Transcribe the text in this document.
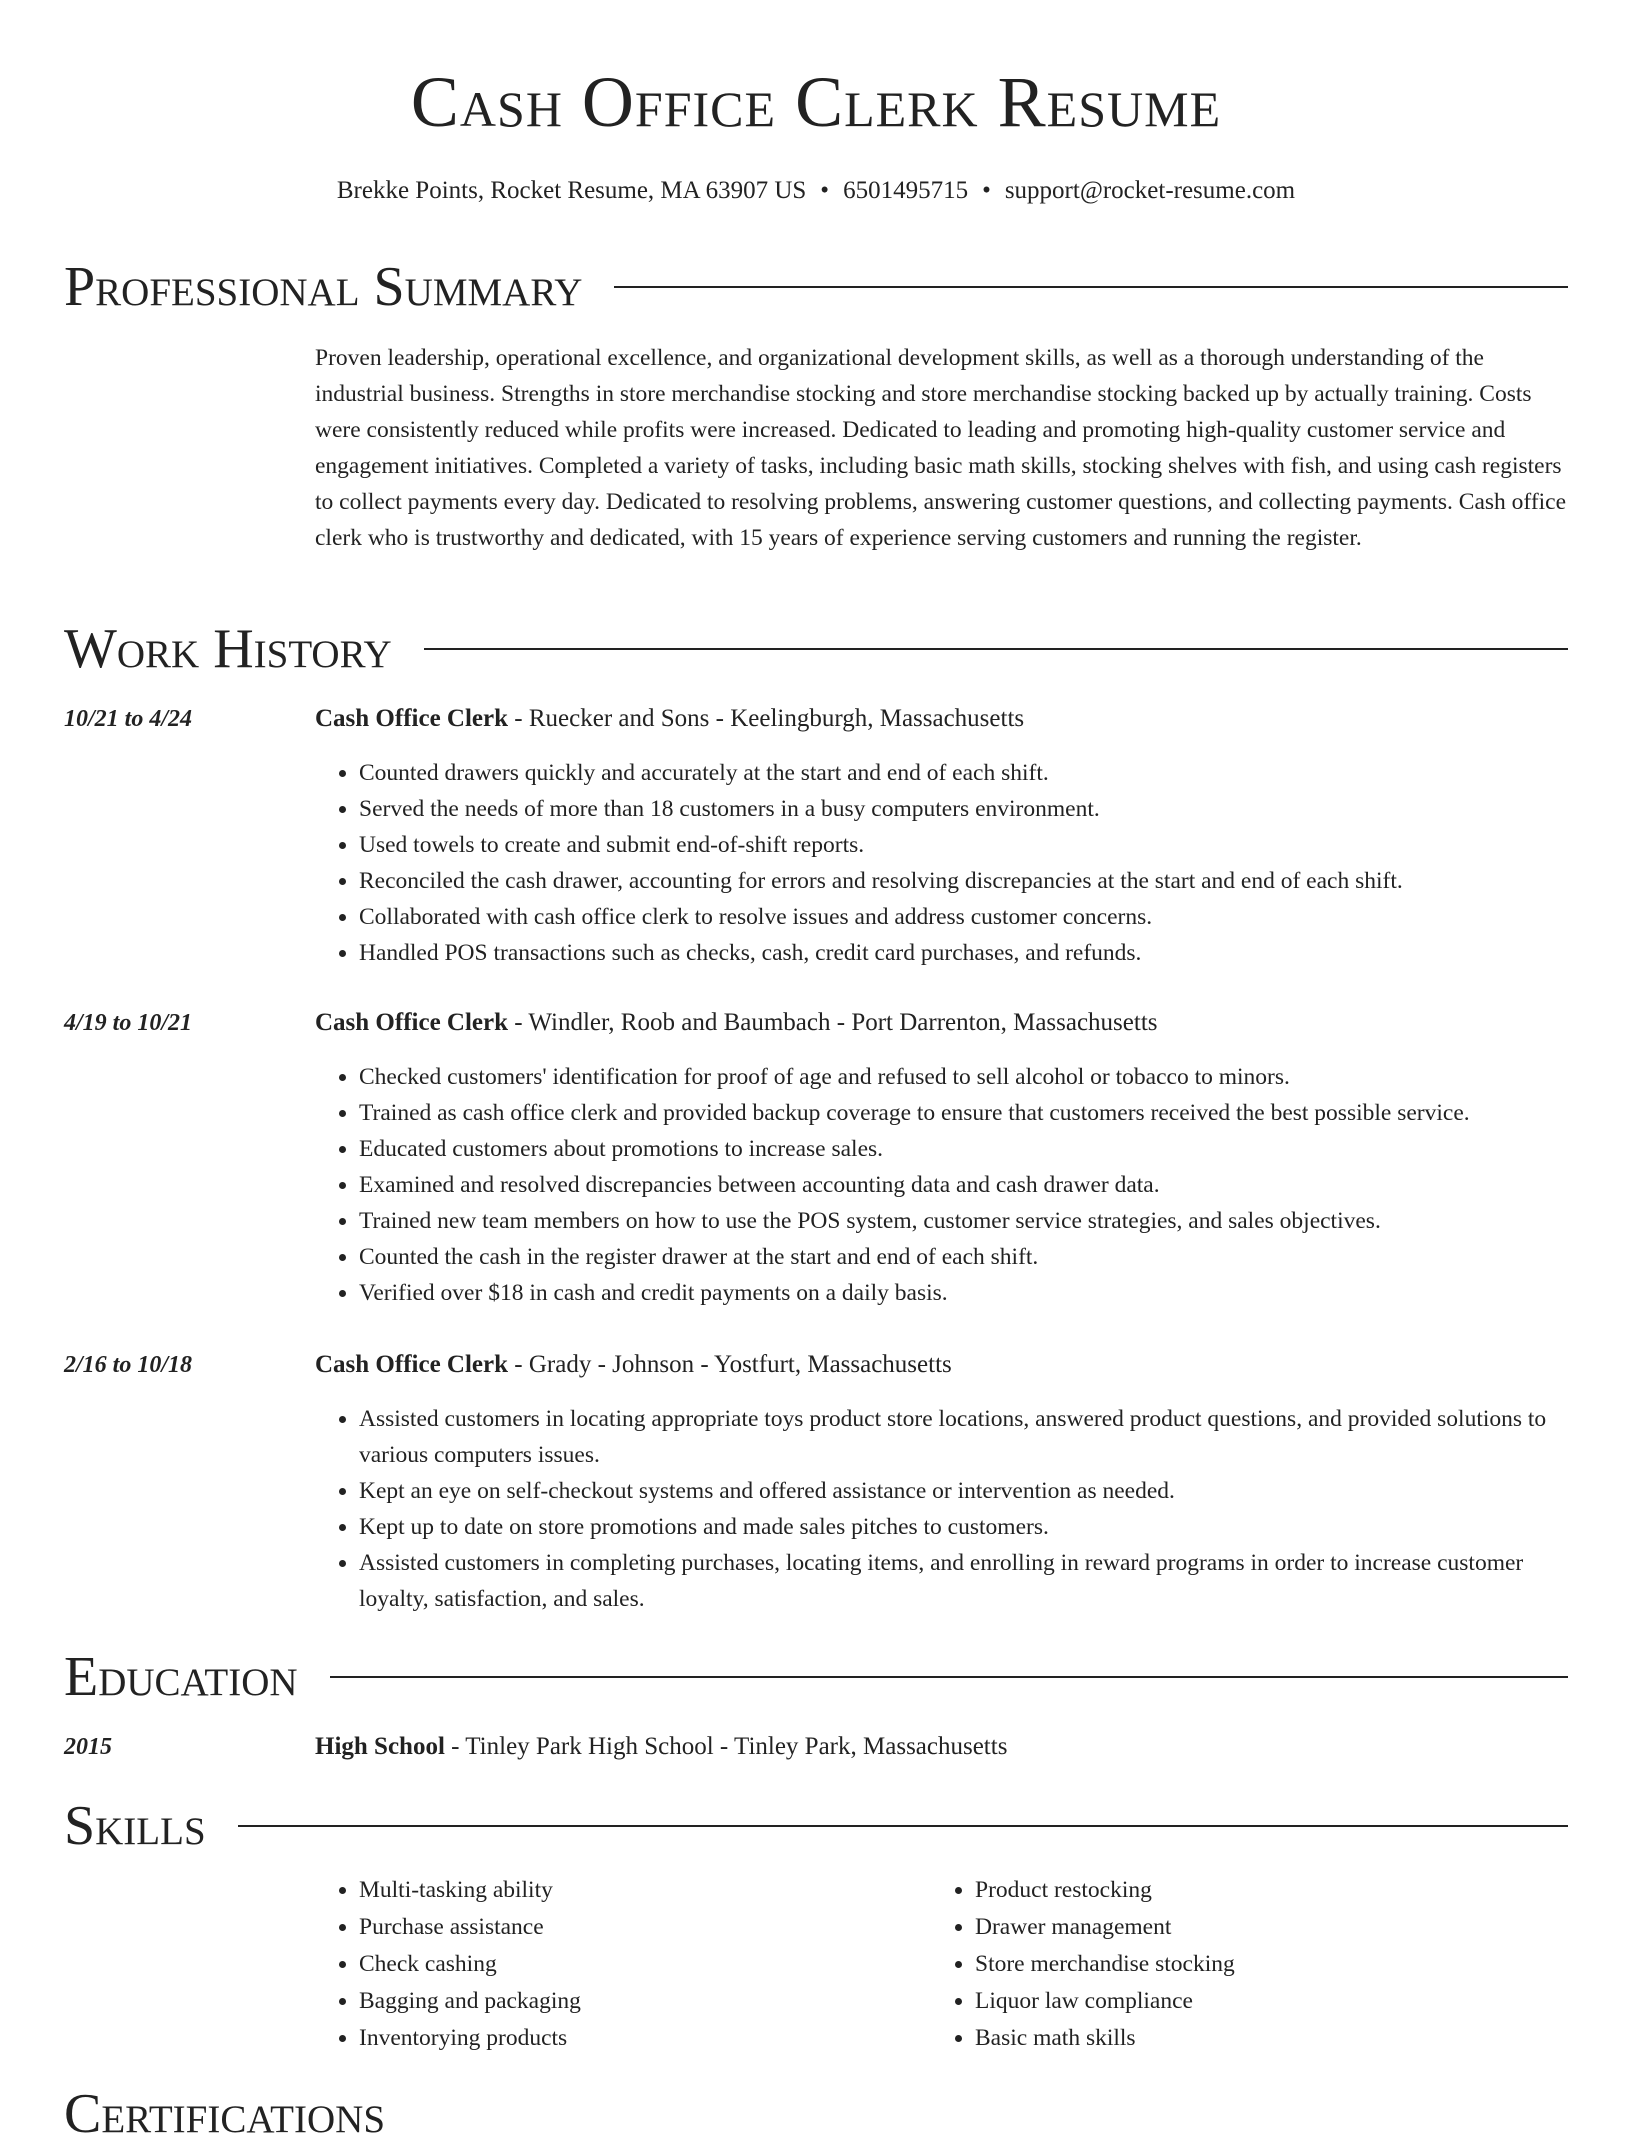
Cash Office Clerk Resume
Brekke Points, Rocket Resume, MA 63907 US • 6501495715 • support@rocket-resume.com
Professional Summary

Proven leadership, operational excellence, and organizational development skills, as well as a thorough understanding of the industrial business. Strengths in store merchandise stocking and store merchandise stocking backed up by actually training. Costs were consistently reduced while profits were increased. Dedicated to leading and promoting high-quality customer service and engagement initiatives. Completed a variety of tasks, including basic math skills, stocking shelves with fish, and using cash registers to collect payments every day. Dedicated to resolving problems, answering customer questions, and collecting payments. Cash office clerk who is trustworthy and dedicated, with 15 years of experience serving customers and running the register.

Work History
10/21 to 4/24	Cash Office Clerk - Ruecker and Sons - Keelingburgh, Massachusetts

• Counted drawers quickly and accurately at the start and end of each shift.
• Served the needs of more than 18 customers in a busy computers environment.
• Used towels to create and submit end-of-shift reports.
• Reconciled the cash drawer, accounting for errors and resolving discrepancies at the start and end of each shift.
• Collaborated with cash office clerk to resolve issues and address customer concerns.
• Handled POS transactions such as checks, cash, credit card purchases, and refunds.
4/19 to 10/21	Cash Office Clerk - Windler, Roob and Baumbach - Port Darrenton, Massachusetts

• Checked customers' identification for proof of age and refused to sell alcohol or tobacco to minors.
• Trained as cash office clerk and provided backup coverage to ensure that customers received the best possible service.
• Educated customers about promotions to increase sales.
• Examined and resolved discrepancies between accounting data and cash drawer data.
• Trained new team members on how to use the POS system, customer service strategies, and sales objectives.
• Counted the cash in the register drawer at the start and end of each shift.
• Verified over $18 in cash and credit payments on a daily basis.
2/16 to 10/18	Cash Office Clerk - Grady - Johnson - Yostfurt, Massachusetts

• Assisted customers in locating appropriate toys product store locations, answered product questions, and provided solutions to various computers issues.
• Kept an eye on self-checkout systems and offered assistance or intervention as needed.
• Kept up to date on store promotions and made sales pitches to customers.
• Assisted customers in completing purchases, locating items, and enrolling in reward programs in order to increase customer loyalty, satisfaction, and sales.
Education
2015	High School - Tinley Park High School - Tinley Park, Massachusetts

Skills
• Multi-tasking ability
• Purchase assistance
• Check cashing
• Bagging and packaging
• Inventorying products
• Product restocking
• Drawer management
• Store merchandise stocking
• Liquor law compliance
• Basic math skills
Certifications
